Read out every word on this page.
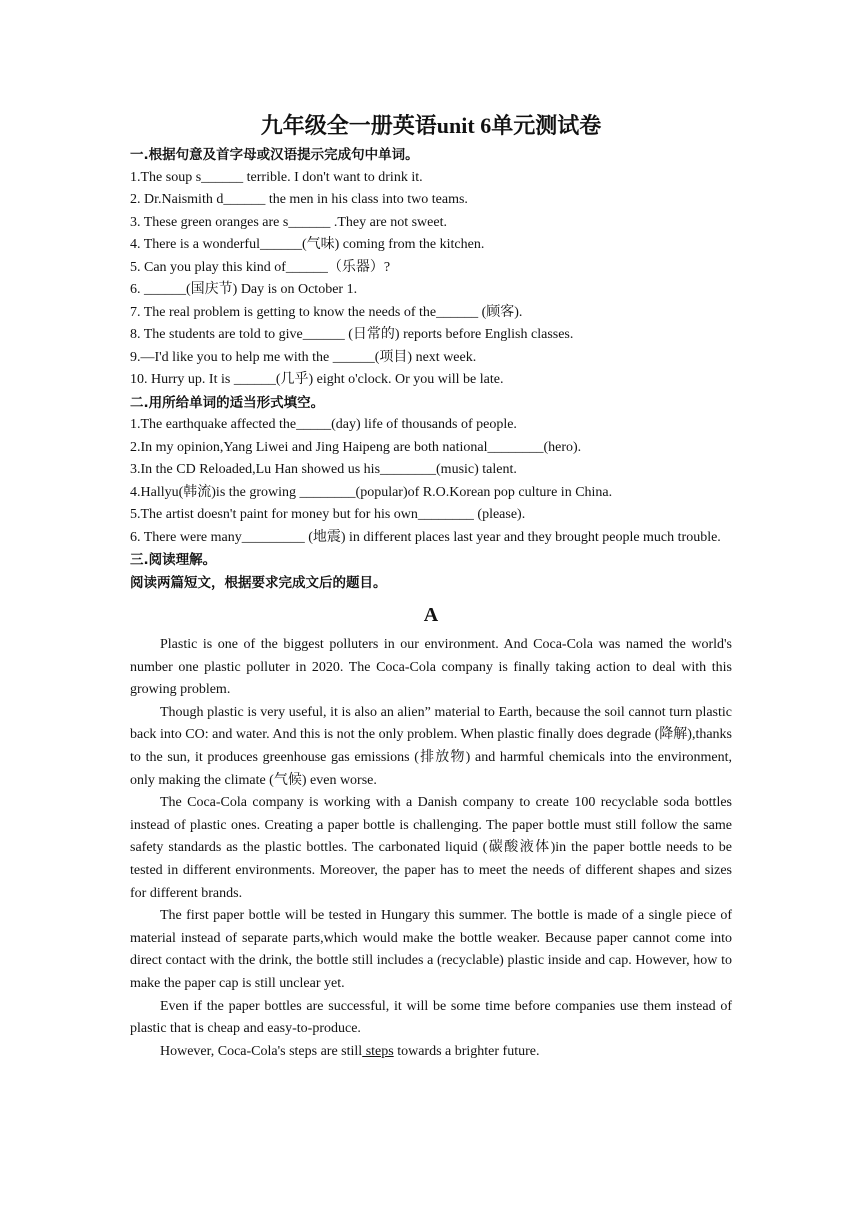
九年级全一册英语unit 6单元测试卷
一.根据句意及首字母或汉语提示完成句中单词。
1.The soup s______ terrible. I don't want to drink it.
2. Dr.Naismith d______ the men in his class into two teams.
3. These green oranges are s______ .They are not sweet.
4. There is a wonderful______(气味) coming from the kitchen.
5. Can you play this kind of______（乐器）?
6. ______(国庆节) Day is on October 1.
7. The real problem is getting to know the needs of the______ (顾客).
8. The students are told to give______ (日常的) reports before English classes.
9.—I'd like you to help me with the ______(项目) next week.
10. Hurry up. It is ______(几乎) eight o'clock. Or you will be late.
二.用所给单词的适当形式填空。
1.The earthquake affected the_____(day) life of thousands of people.
2.In my opinion,Yang Liwei and Jing Haipeng are both national________(hero).
3.In the CD Reloaded,Lu Han showed us his________(music) talent.
4.Hallyu(韩流)is the growing ________(popular)of R.O.Korean pop culture in China.
5.The artist doesn't paint for money but for his own________ (please).
6. There were many_________ (地震) in different places last year and they brought people much trouble.
三.阅读理解。
阅读两篇短文，根据要求完成文后的题目。
A
Plastic is one of the biggest polluters in our environment. And Coca-Cola was named the world's number one plastic polluter in 2020. The Coca-Cola company is finally taking action to deal with this growing problem.
Though plastic is very useful, it is also an alien” material to Earth, because the soil cannot turn plastic back into CO: and water. And this is not the only problem. When plastic finally does degrade (降解),thanks to the sun, it produces greenhouse gas emissions (排放物) and harmful chemicals into the environment, only making the climate (气候) even worse.
The Coca-Cola company is working with a Danish company to create 100 recyclable soda bottles instead of plastic ones. Creating a paper bottle is challenging. The paper bottle must still follow the same safety standards as the plastic bottles. The carbonated liquid (碳酸液体)in the paper bottle needs to be tested in different environments. Moreover, the paper has to meet the needs of different shapes and sizes for different brands.
The first paper bottle will be tested in Hungary this summer. The bottle is made of a single piece of material instead of separate parts,which would make the bottle weaker. Because paper cannot come into direct contact with the drink, the bottle still includes a (recyclable) plastic inside and cap. However, how to make the paper cap is still unclear yet.
Even if the paper bottles are successful, it will be some time before companies use them instead of plastic that is cheap and easy-to-produce.
However, Coca-Cola's steps are still steps towards a brighter future.
